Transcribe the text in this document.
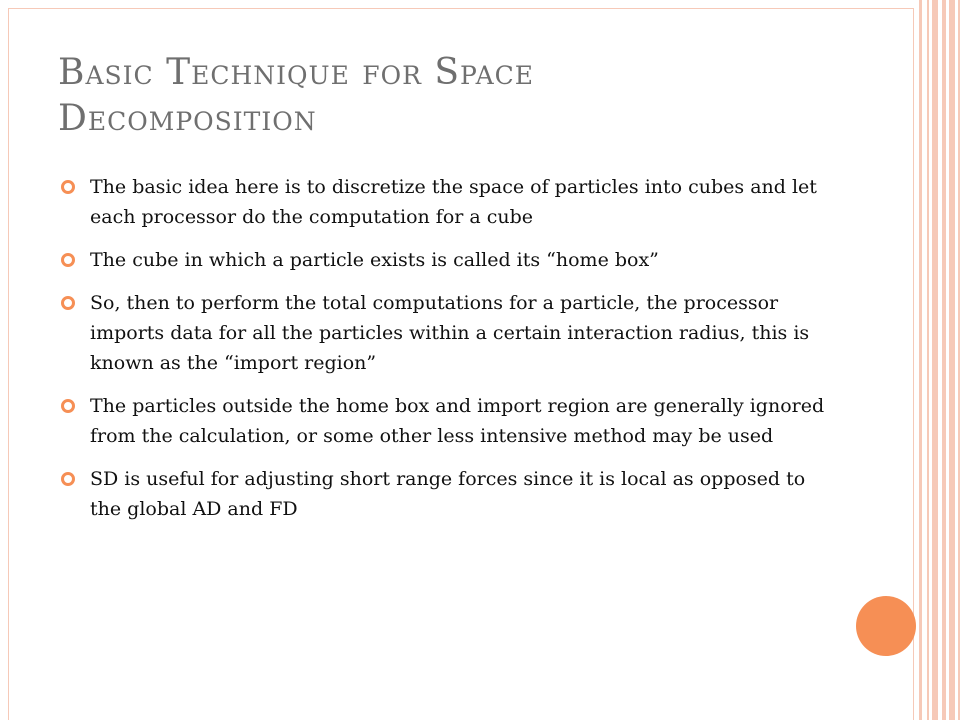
Basic Technique for Space
Decomposition
The basic idea here is to discretize the space of particles into cubes and let each processor do the computation for a cube
The cube in which a particle exists is called its “home box”
So, then to perform the total computations for a particle, the processor imports data for all the particles within a certain interaction radius, this is known as the “import region”
The particles outside the home box and import region are generally ignored from the calculation, or some other less intensive method may be used
SD is useful for adjusting short range forces since it is local as opposed to the global AD and FD
